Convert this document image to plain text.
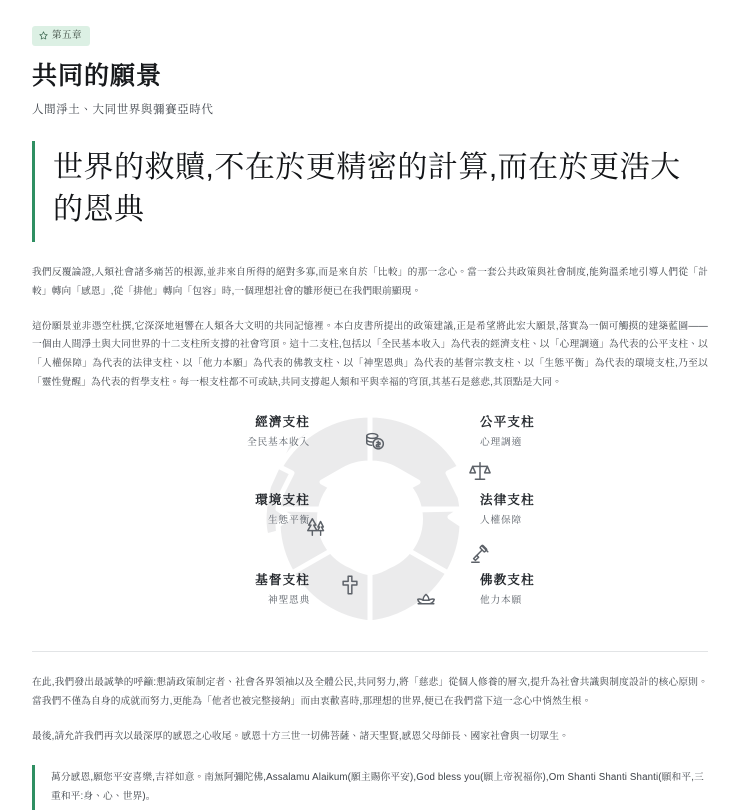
第五章
共同的願景
人間淨土、大同世界與彌賽亞時代

世界的救贖,不在於更精密的計算,而在於更浩大的恩典

我們反覆論證,人類社會諸多痛苦的根源,並非來自所得的絕對多寡,而是來自於「比較」的那一念心。當一套公共政策與社會制度,能夠溫柔地引導人們從「計較」轉向「感恩」,從「排他」轉向「包容」時,一個理想社會的雛形便已在我們眼前顯現。

這份願景並非憑空杜撰,它深深地迴響在人類各大文明的共同記憶裡。本白皮書所提出的政策建議,正是希望將此宏大願景,落實為一個可觸摸的建築藍圖——一個由人間淨土與大同世界的十二支柱所支撐的社會穹頂。這十二支柱,包括以「全民基本收入」為代表的經濟支柱、以「心理調適」為代表的公平支柱、以「人權保障」為代表的法律支柱、以「他力本願」為代表的佛教支柱、以「神聖恩典」為代表的基督宗教支柱、以「生態平衡」為代表的環境支柱,乃至以「靈性覺醒」為代表的哲學支柱。每一根支柱都不可或缺,共同支撐起人類和平與幸福的穹頂,其基石是慈悲,其頂點是大同。

經濟支柱
全民基本收入
公平支柱
心理調適
環境支柱
生態平衡
法律支柱
人權保障
基督支柱
神聖恩典
佛教支柱
他力本願

在此,我們發出最誠摯的呼籲:懇請政策制定者、社會各界領袖以及全體公民,共同努力,將「慈悲」從個人修養的層次,提升為社會共識與制度設計的核心原則。當我們不僅為自身的成就而努力,更能為「他者也被完整接納」而由衷歡喜時,那理想的世界,便已在我們當下這一念心中悄然生根。

最後,請允許我們再次以最深厚的感恩之心收尾。感恩十方三世一切佛菩薩、諸天聖賢,感恩父母師長、國家社會與一切眾生。

萬分感恩,願您平安喜樂,吉祥如意。南無阿彌陀佛,Assalamu Alaikum(願主賜你平安),God bless you(願上帝祝福你),Om Shanti Shanti Shanti(願和平,三重和平:身、心、世界)。
